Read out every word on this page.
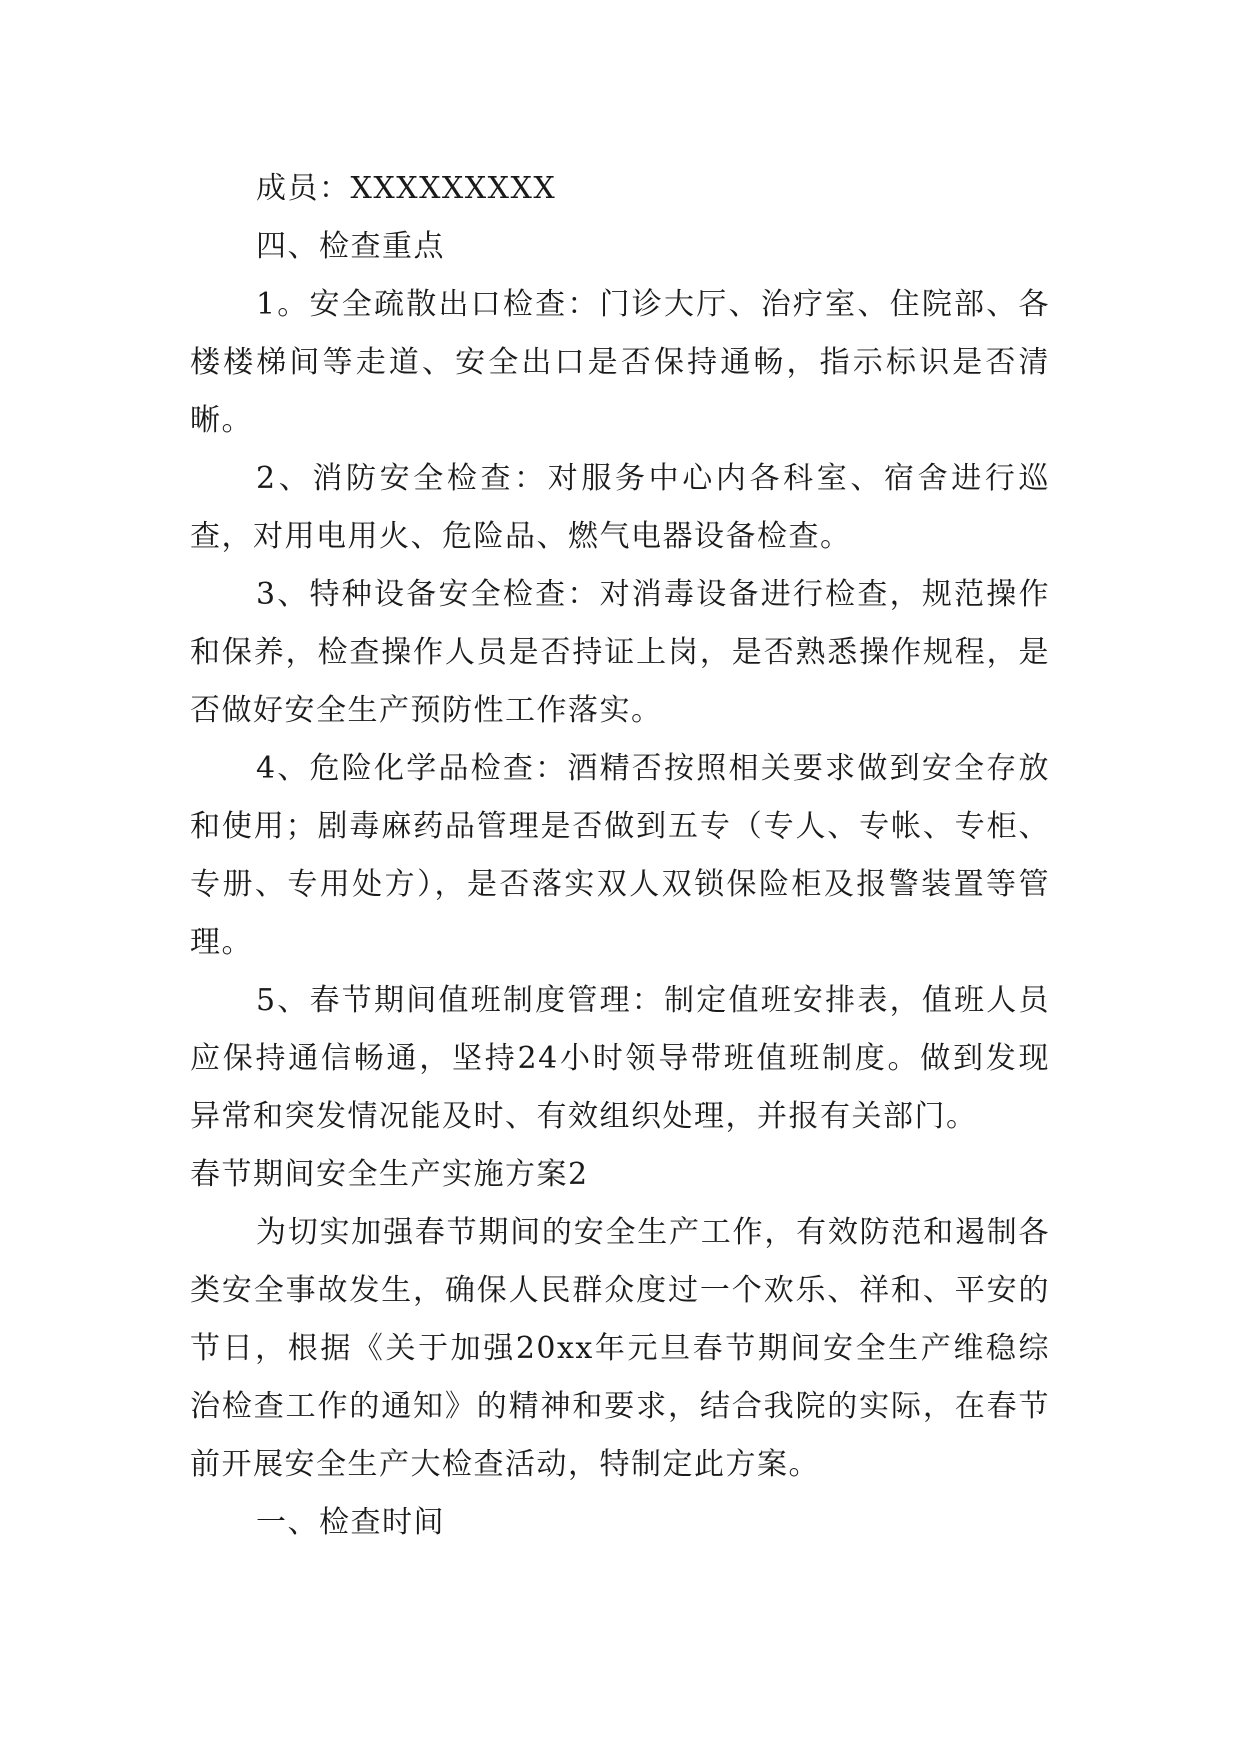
成员：XXXXXXXXX

四、检查重点

1。安全疏散出口检查：门诊大厅、治疗室、住院部、各楼楼梯间等走道、安全出口是否保持通畅，指示标识是否清晰。

2、消防安全检查：对服务中心内各科室、宿舍进行巡查，对用电用火、危险品、燃气电器设备检查。

3、特种设备安全检查：对消毒设备进行检查，规范操作和保养，检查操作人员是否持证上岗，是否熟悉操作规程，是否做好安全生产预防性工作落实。

4、危险化学品检查：酒精否按照相关要求做到安全存放和使用；剧毒麻药品管理是否做到五专（专人、专帐、专柜、专册、专用处方），是否落实双人双锁保险柜及报警装置等管理。

5、春节期间值班制度管理：制定值班安排表，值班人员应保持通信畅通，坚持24小时领导带班值班制度。做到发现异常和突发情况能及时、有效组织处理，并报有关部门。

春节期间安全生产实施方案2

为切实加强春节期间的安全生产工作，有效防范和遏制各类安全事故发生，确保人民群众度过一个欢乐、祥和、平安的节日，根据《关于加强20xx年元旦春节期间安全生产维稳综治检查工作的通知》的精神和要求，结合我院的实际，在春节前开展安全生产大检查活动，特制定此方案。

一、检查时间
